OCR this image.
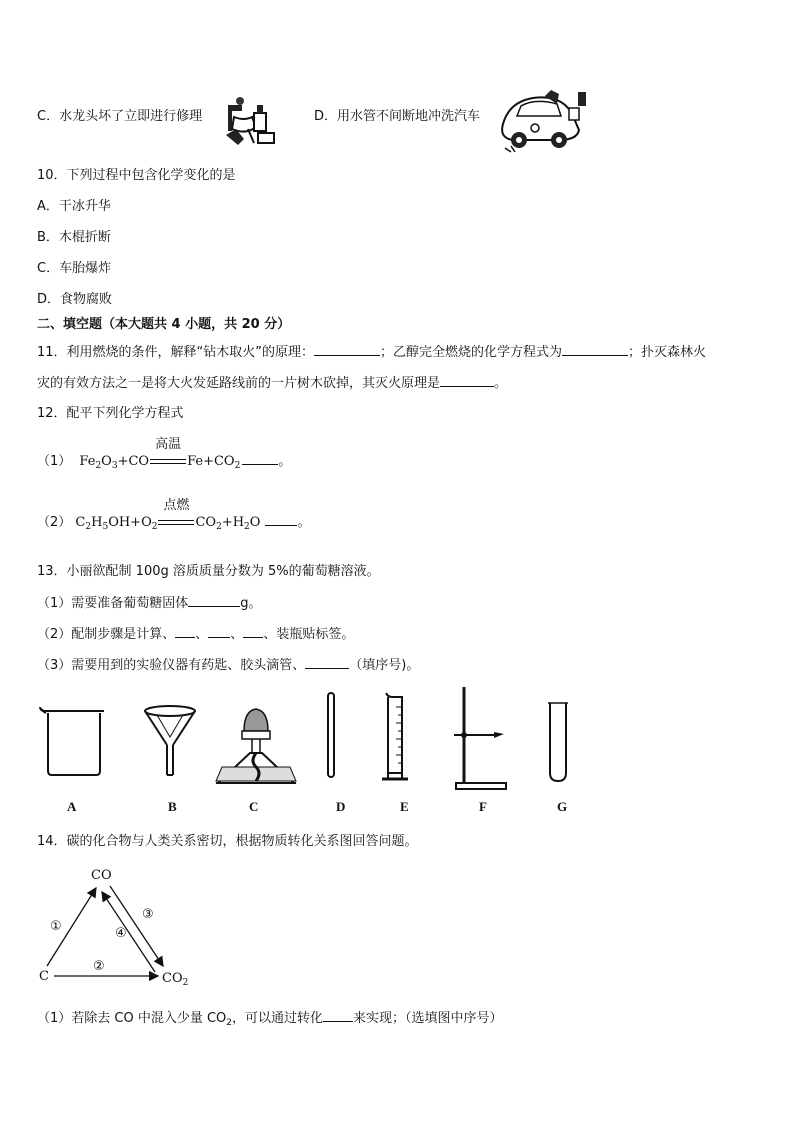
C．水龙头坏了立即进行修理	D．用水管不间断地冲洗汽车
10．下列过程中包含化学变化的是
A．干冰升华
B．木棍折断
C．车胎爆炸
D．食物腐败
二、填空题（本大题共 4 小题，共 20 分）
11．利用燃烧的条件，解释“钻木取火”的原理：	；乙醇完全燃烧的化学方程式为	；扑灭森林火
灾的有效方法之一是将大火发延路线前的一片树木砍掉，其灭火原理是	。
12．配平下列化学方程式
（1） $Fe_2O_3+CO$
高温
$Fe+CO_2$	。
（2） $C_2H_5OH+O_2$
点燃
$CO_2+H_2O$	。
13．小丽欲配制 100g 溶质质量分数为 5%的葡萄糖溶液。
（1）需要准备葡萄糖固体	g。
（2）配制步骤是计算、 、 、 、装瓶贴标签。
（3）需要用到的实验仪器有药匙、胶头滴管、	（填序号)。
A	B	C	D	E	F	G
14．碳的化合物与人类关系密切，根据物质转化关系图回答问题。
CO
C	$CO_2$
①
②
③
④
（1）若除去 CO 中混入少量 $CO_2$，可以通过转化 来实现；（选填图中序号）
